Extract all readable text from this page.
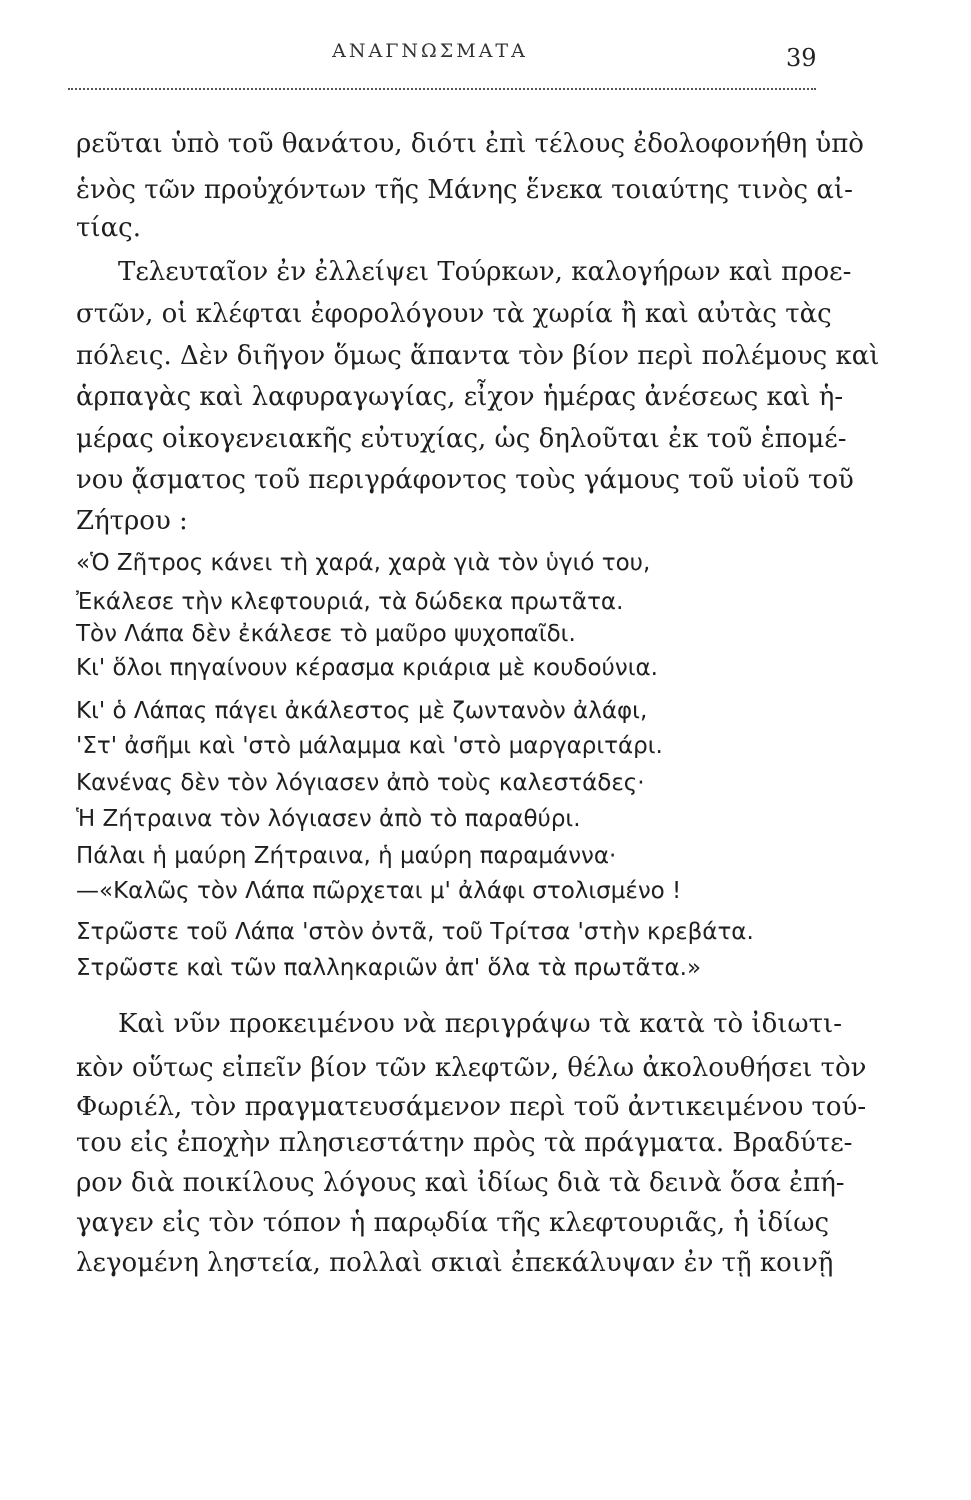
ΑΝΑΓΝΩΣΜΑΤΑ	39
ρεῦται ὑπὸ τοῦ θανάτου, διότι ἐπὶ τέλους ἐδολοφονήθη ὑπὸ
ἑνὸς τῶν προὐχόντων τῆς Μάνης ἕνεκα τοιαύτης τινὸς αἰ-
τίας.
Τελευταῖον ἐν ἐλλείψει Τούρκων, καλογήρων καὶ προε-
στῶν, οἱ κλέφται ἐφορολόγουν τὰ χωρία ἢ καὶ αὐτὰς τὰς
πόλεις. Δὲν διῆγον ὅμως ἅπαντα τὸν βίον περὶ πολέμους καὶ
ἁρπαγὰς καὶ λαφυραγωγίας, εἶχον ἡμέρας ἀνέσεως καὶ ἡ-
μέρας οἰκογενειακῆς εὐτυχίας, ὡς δηλοῦται ἐκ τοῦ ἑπομέ-
νου ᾄσματος τοῦ περιγράφοντος τοὺς γάμους τοῦ υἱοῦ τοῦ
Ζήτρου :
«Ὁ Ζῆτρος κάνει τὴ χαρά, χαρὰ γιὰ τὸν ὑγιό του,
Ἐκάλεσε τὴν κλεφτουριά, τὰ δώδεκα πρωτᾶτα.
Τὸν Λάπα δὲν ἐκάλεσε τὸ μαῦρο ψυχοπαῖδι.
Κι' ὅλοι πηγαίνουν κέρασμα κριάρια μὲ κουδούνια.
Κι' ὁ Λάπας πάγει ἀκάλεστος μὲ ζωντανὸν ἀλάφι,
'Στ' ἀσῆμι καὶ 'στὸ μάλαμμα καὶ 'στὸ μαργαριτάρι.
Κανένας δὲν τὸν λόγιασεν ἀπὸ τοὺς καλεστάδες·
Ἡ Ζήτραινα τὸν λόγιασεν ἀπὸ τὸ παραθύρι.
Πάλαι ἡ μαύρη Ζήτραινα, ἡ μαύρη παραμάννα·
—«Καλῶς τὸν Λάπα πῶρχεται μ' ἀλάφι στολισμένο !
Στρῶστε τοῦ Λάπα 'στὸν ὀντᾶ, τοῦ Τρίτσα 'στὴν κρεβάτα.
Στρῶστε καὶ τῶν παλληκαριῶν ἀπ' ὅλα τὰ πρωτᾶτα.»
Καὶ νῦν προκειμένου νὰ περιγράψω τὰ κατὰ τὸ ἰδιωτι-
κὸν οὕτως εἰπεῖν βίον τῶν κλεφτῶν, θέλω ἀκολουθήσει τὸν
Φωριέλ, τὸν πραγματευσάμενον περὶ τοῦ ἀντικειμένου τού-
του εἰς ἐποχὴν πλησιεστάτην πρὸς τὰ πράγματα. Βραδύτε-
ρον διὰ ποικίλους λόγους καὶ ἰδίως διὰ τὰ δεινὰ ὅσα ἐπή-
γαγεν εἰς τὸν τόπον ἡ παρῳδία τῆς κλεφτουριᾶς, ἡ ἰδίως
λεγομένη ληστεία, πολλαὶ σκιαὶ ἐπεκάλυψαν ἐν τῇ κοινῇ
